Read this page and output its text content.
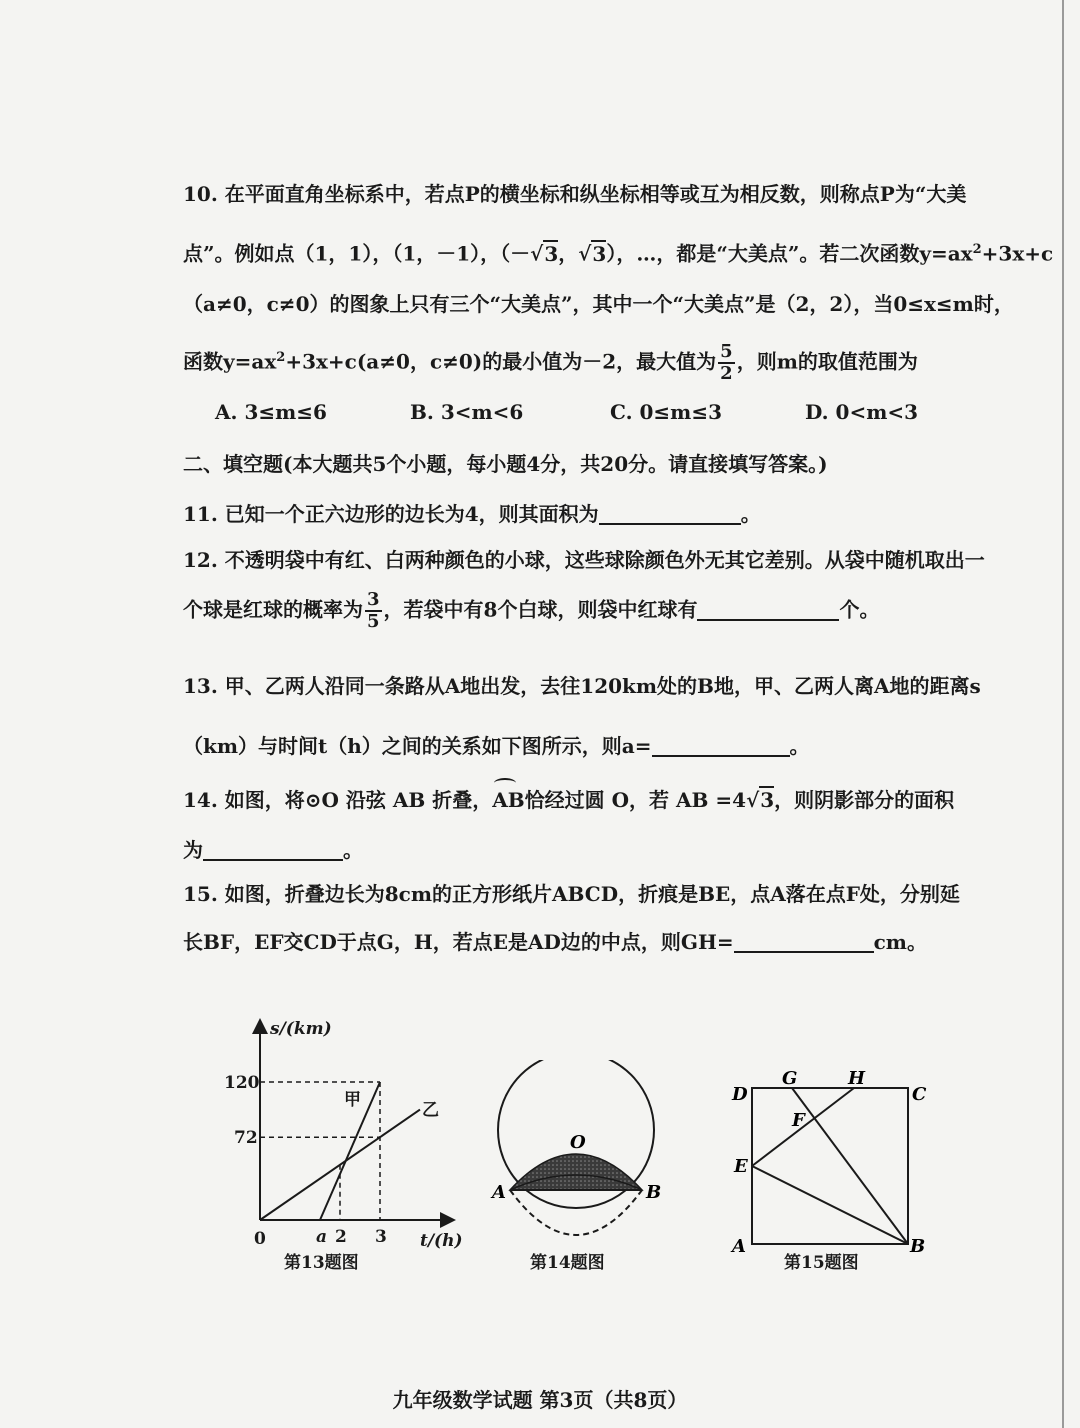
10. 在平面直角坐标系中，若点P的横坐标和纵坐标相等或互为相反数，则称点P为“大美
点”。例如点（1，1），（1，－1），（－√3，√3），…，都是“大美点”。若二次函数$y=ax^2+3x+c$
（a≠0，c≠0）的图象上只有三个“大美点”，其中一个“大美点”是（2，2），当0≤x≤m时，
函数$y=ax^2+3x+c(a\ne 0$，c≠0)的最小值为－2，最大值为 $\frac{5}{2}$ ，则m的取值范围为
A. 3≤m≤6	B. 3<m<6	C. 0≤m≤3	D. 0<m<3
二、填空题(本大题共5个小题，每小题4分，共20分。请直接填写答案。)
11. 已知一个正六边形的边长为4，则其面积为	。
12. 不透明袋中有红、白两种颜色的小球，这些球除颜色外无其它差别。从袋中随机取出一
个球是红球的概率为 $\frac{3}{5}$ ，若袋中有8个白球，则袋中红球有	个。
13. 甲、乙两人沿同一条路从A地出发，去往120km处的B地，甲、乙两人离A地的距离s
（km）与时间t（h）之间的关系如下图所示，则a=	。
14. 如图，将⊙O 沿弦 AB 折叠，
AB恰经过圆 O，若 AB =4√3，则阴影部分的面积
为	。
15. 如图，折叠边长为8cm的正方形纸片ABCD，折痕是BE，点A落在点F处，分别延
长BF，EF交CD于点G，H，若点E是AD边的中点，则GH=	cm。
s/(km)
t/(h)
0
120
72
a 2 3
甲
乙
第13题图
O
A	B
第14题图
D	C
G	H
F
E
A	B
第15题图
九年级数学试题 第3页（共8页）
